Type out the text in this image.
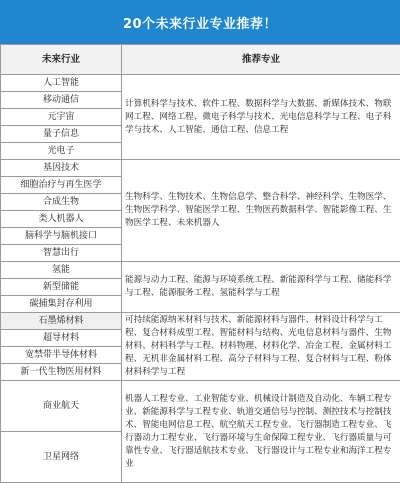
20个未来行业专业推荐！
未来行业	推荐专业
人工智能
移动通信
元宇宙
量子信息
光电子
计算机科学与技术、软件工程、数据科学与大数据、新媒体技术、物联网工程、网络工程、微电子科学与技术、光电信息科学与工程、电子科学与技术、人工智能、通信工程、信息工程
基因技术
细胞治疗与再生医学
合成生物
类人机器人
脑科学与脑机接口
智慧出行
生物科学、生物技术、生物信息学、整合科学、神经科学、生物医学、生物医学科学、智能医学工程、生物医药数据科学、智能影像工程、生物医学工程、未来机器人
氢能
新型储能
碳捕集封存利用
能源与动力工程、能源与环境系统工程、新能源科学与工程、储能科学与工程、能源服务工程、氢能科学与工程
石墨烯材料
超导材料
宽禁带半导体材料
新一代生物医用材料
可持续能源纳米材料与技术、新能源材料与器件、材料设计科学与工程、复合材料成型工程、智能材料与结构、光电信息材料与器件、生物材料、材料科学与工程、材料物理、材料化学、冶金工程、金属材料工程、无机非金属材料工程、高分子材料与工程、复合材料与工程、粉体材料科学与工程
商业航天
卫星网络
机器人工程专业、工业智能专业、机械设计制造及自动化、车辆工程专业、新能源科学与工程专业、轨道交通信号与控制、测控技术与控制技术、智能电网信息工程、航空航天工程专业、飞行器制造工程专业、飞行器动力工程专业、飞行器环境与生命保障工程专业、飞行器质量与可靠性专业、飞行器适航技术专业、飞行器设计与工程专业和海洋工程专业
